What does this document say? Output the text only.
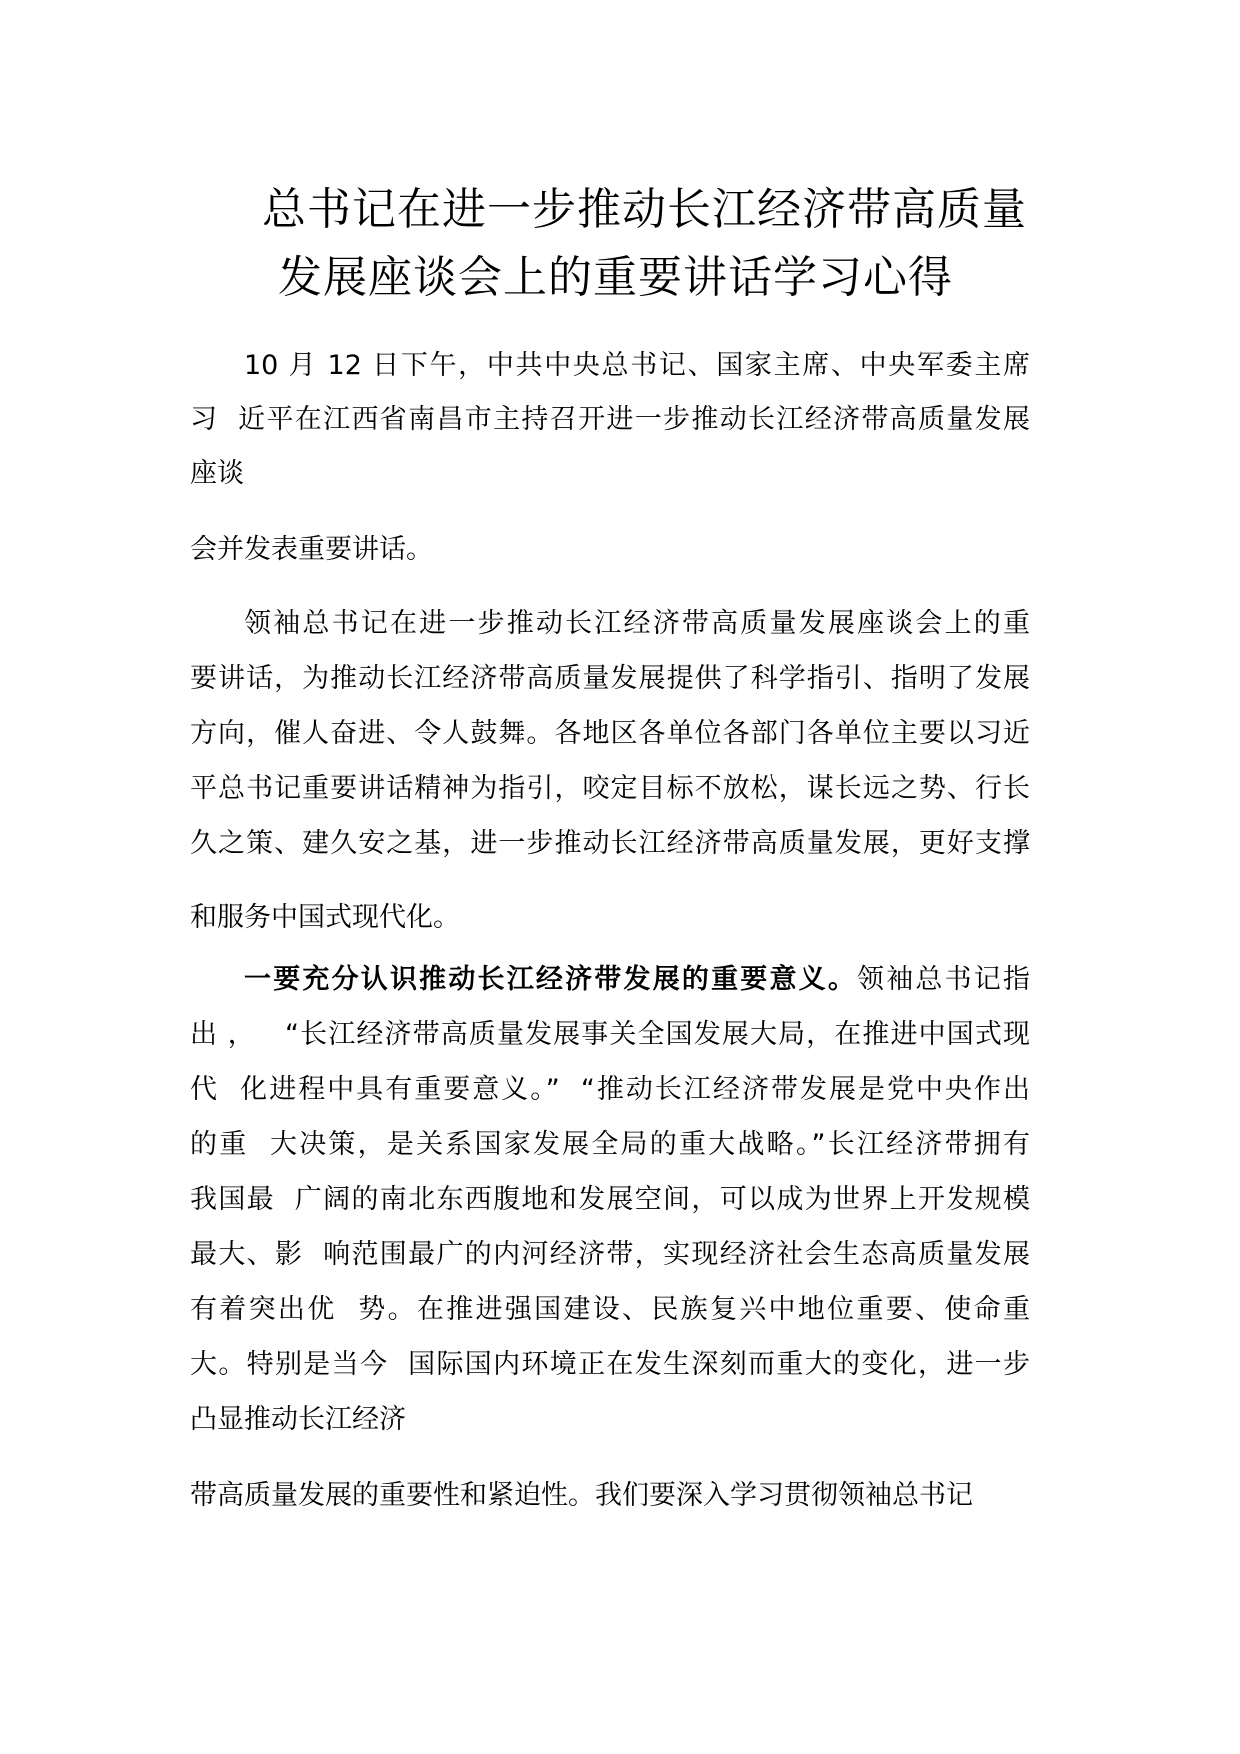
总书记在进一步推动长江经济带高质量
发展座谈会上的重要讲话学习心得

10 月 12 日下午，中共中央总书记、国家主席、中央军委主席

习  近平在江西省南昌市主持召开进一步推动长江经济带高质量发展

座谈

会并发表重要讲话。

领袖总书记在进一步推动长江经济带高质量发展座谈会上的重

要讲话，为推动长江经济带高质量发展提供了科学指引、指明了发展

方向，催人奋进、令人鼓舞。各地区各单位各部门各单位主要以习近

平总书记重要讲话精神为指引，咬定目标不放松，谋长远之势、行长

久之策、建久安之基，进一步推动长江经济带高质量发展，更好支撑

和服务中国式现代化。

一要充分认识推动长江经济带发展的重要意义。领袖总书记指

出 ，   “长江经济带高质量发展事关全国发展大局，在推进中国式现

代  化进程中具有重要意义。”  “推动长江经济带发展是党中央作出

的重  大决策，是关系国家发展全局的重大战略。”长江经济带拥有

我国最  广阔的南北东西腹地和发展空间，可以成为世界上开发规模

最大、影  响范围最广的内河经济带，实现经济社会生态高质量发展

有着突出优  势。在推进强国建设、民族复兴中地位重要、使命重

大。特别是当今  国际国内环境正在发生深刻而重大的变化，进一步

凸显推动长江经济

带高质量发展的重要性和紧迫性。我们要深入学习贯彻领袖总书记
